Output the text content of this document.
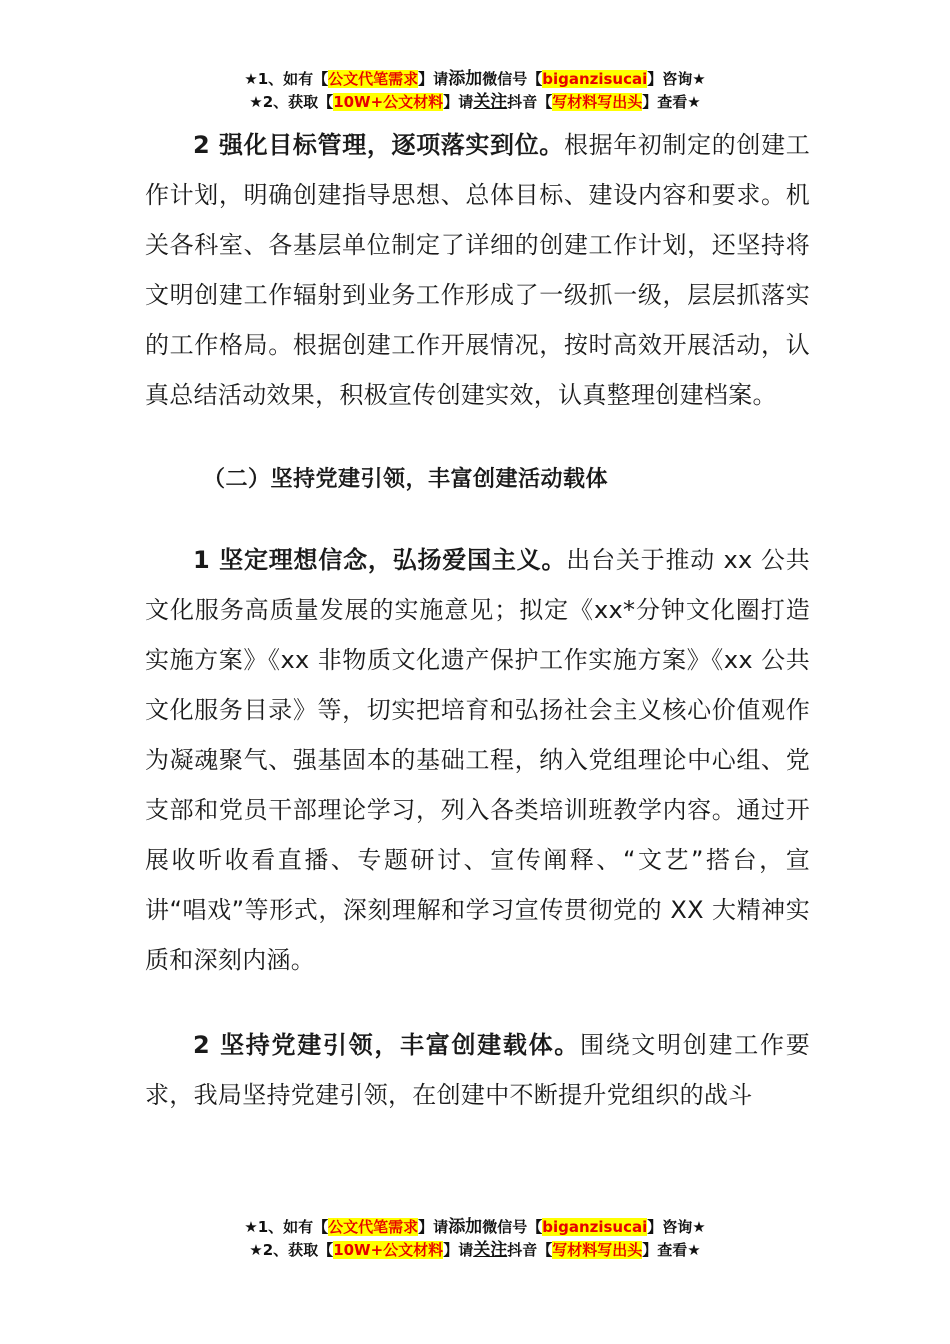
★1、如有【公文代笔需求】请添加微信号【biganzisucai】咨询★
★2、获取【10W+公文材料】请关注抖音【写材料写出头】查看★

2 强化目标管理，逐项落实到位。根据年初制定的创建工作计划，明确创建指导思想、总体目标、建设内容和要求。机关各科室、各基层单位制定了详细的创建工作计划，还坚持将文明创建工作辐射到业务工作形成了一级抓一级，层层抓落实的工作格局。根据创建工作开展情况，按时高效开展活动，认真总结活动效果，积极宣传创建实效，认真整理创建档案。

（二）坚持党建引领，丰富创建活动载体

1 坚定理想信念，弘扬爱国主义。出台关于推动 xx 公共文化服务高质量发展的实施意见；拟定《xx*分钟文化圈打造实施方案》《xx 非物质文化遗产保护工作实施方案》《xx 公共文化服务目录》等，切实把培育和弘扬社会主义核心价值观作为凝魂聚气、强基固本的基础工程，纳入党组理论中心组、党支部和党员干部理论学习，列入各类培训班教学内容。通过开展收听收看直播、专题研讨、宣传阐释、“文艺”搭台，宣讲“唱戏”等形式，深刻理解和学习宣传贯彻党的 XX 大精神实质和深刻内涵。

2 坚持党建引领，丰富创建载体。围绕文明创建工作要求，我局坚持党建引领，在创建中不断提升党组织的战斗

★1、如有【公文代笔需求】请添加微信号【biganzisucai】咨询★
★2、获取【10W+公文材料】请关注抖音【写材料写出头】查看★
